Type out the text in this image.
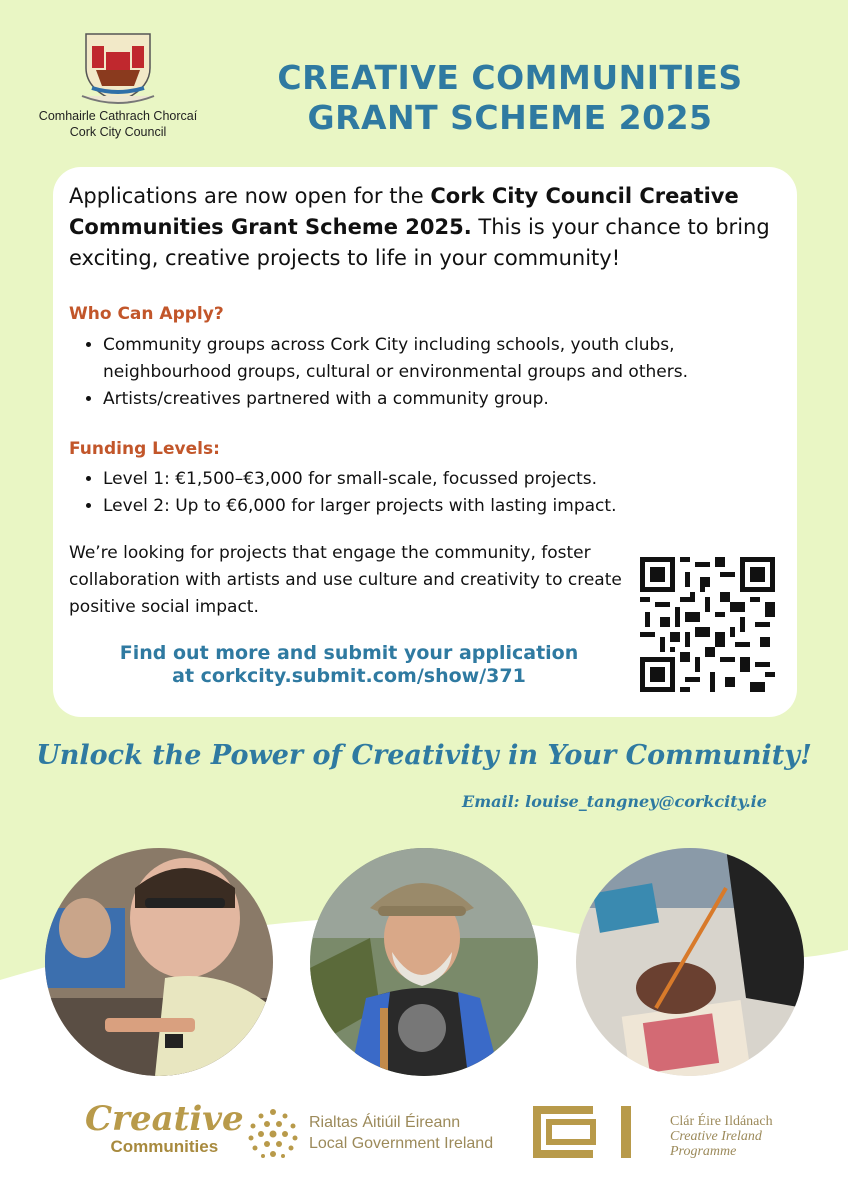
Comhairle Cathrach Chorcaí
Cork City Council
CREATIVE COMMUNITIES
GRANT SCHEME 2025
Applications are now open for the Cork City Council Creative Communities Grant Scheme 2025. This is your chance to bring exciting, creative projects to life in your community!
Who Can Apply?
• Community groups across Cork City including schools, youth clubs, neighbourhood groups, cultural or environmental groups and others.
• Artists/creatives partnered with a community group.
Funding Levels:
• Level 1: €1,500–€3,000 for small-scale, focussed projects.
• Level 2: Up to €6,000 for larger projects with lasting impact.
We’re looking for projects that engage the community, foster collaboration with artists and use culture and creativity to create positive social impact.
Find out more and submit your application
at corkcity.submit.com/show/371
Unlock the Power of Creativity in Your Community!
Email: louise_tangney@corkcity.ie
Creative
Communities
Rialtas Áitiúil Éireann
Local Government Ireland
Clár Éire Ildánach
Creative Ireland
Programme
